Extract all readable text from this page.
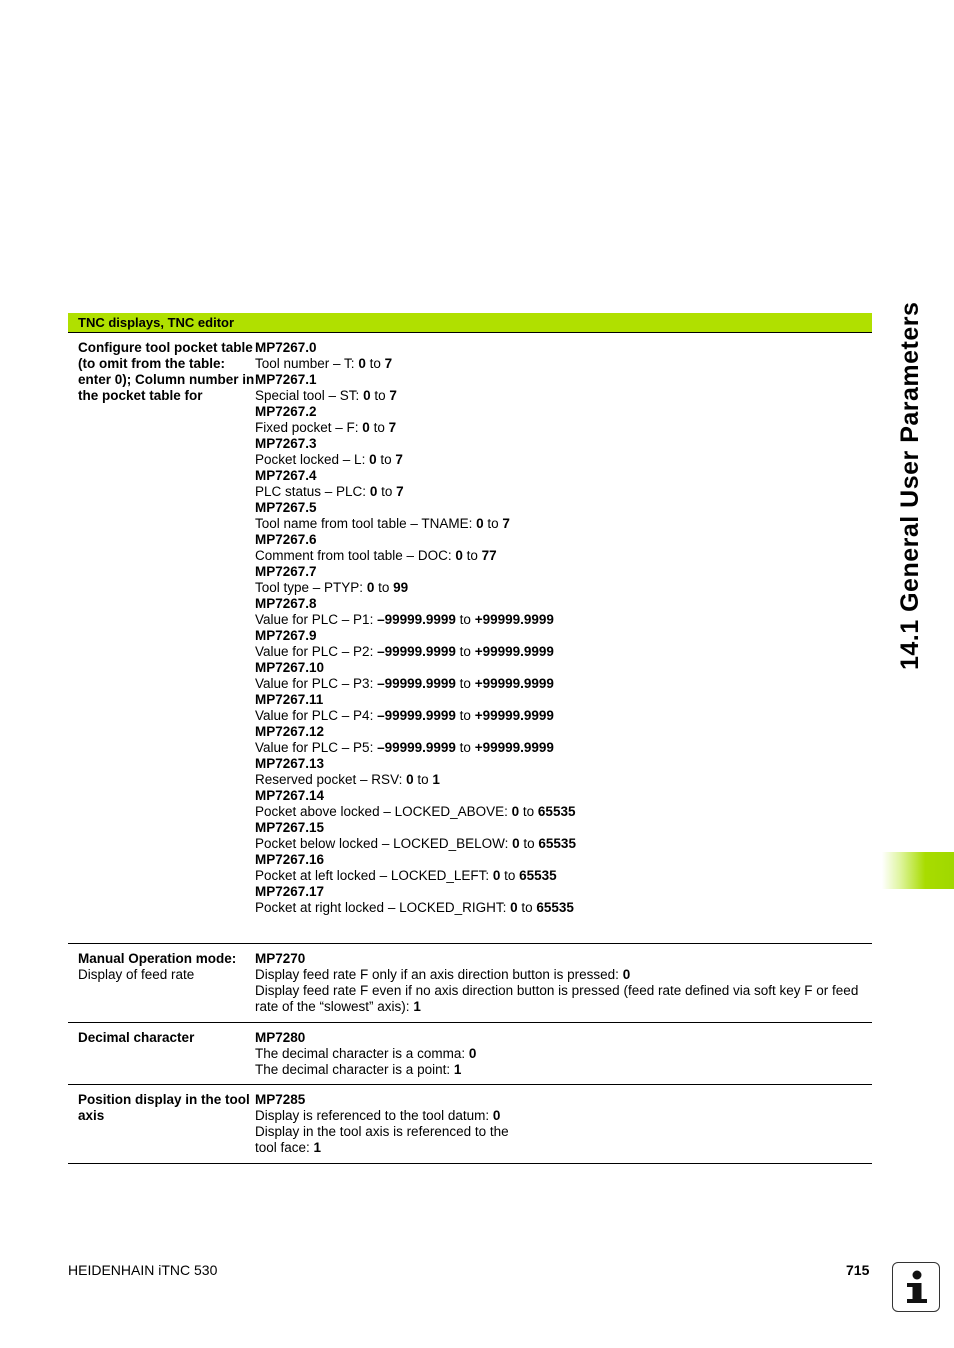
14.1 General User Parameters
TNC displays, TNC editor
Configure tool pocket table (to omit from the table: enter 0); Column number in the pocket table for
MP7267.0
Tool number – T: 0 to 7
MP7267.1
Special tool – ST: 0 to 7
MP7267.2
Fixed pocket – F: 0 to 7
MP7267.3
Pocket locked – L: 0 to 7
MP7267.4
PLC status – PLC: 0 to 7
MP7267.5
Tool name from tool table – TNAME: 0 to 7
MP7267.6
Comment from tool table – DOC: 0 to 77
MP7267.7
Tool type – PTYP: 0 to 99
MP7267.8
Value for PLC – P1: –99999.9999 to +99999.9999
MP7267.9
Value for PLC – P2: –99999.9999 to +99999.9999
MP7267.10
Value for PLC – P3: –99999.9999 to +99999.9999
MP7267.11
Value for PLC – P4: –99999.9999 to +99999.9999
MP7267.12
Value for PLC – P5: –99999.9999 to +99999.9999
MP7267.13
Reserved pocket – RSV: 0 to 1
MP7267.14
Pocket above locked – LOCKED_ABOVE: 0 to 65535
MP7267.15
Pocket below locked – LOCKED_BELOW: 0 to 65535
MP7267.16
Pocket at left locked – LOCKED_LEFT: 0 to 65535
MP7267.17
Pocket at right locked – LOCKED_RIGHT: 0 to 65535
Manual Operation mode: Display of feed rate
MP7270
Display feed rate F only if an axis direction button is pressed: 0
Display feed rate F even if no axis direction button is pressed (feed rate defined via soft key F or feed rate of the “slowest” axis): 1
Decimal character	MP7280
The decimal character is a comma: 0
The decimal character is a point: 1
Position display in the tool axis
MP7285
Display is referenced to the tool datum: 0
Display in the tool axis is referenced to the
tool face: 1
HEIDENHAIN iTNC 530	715
